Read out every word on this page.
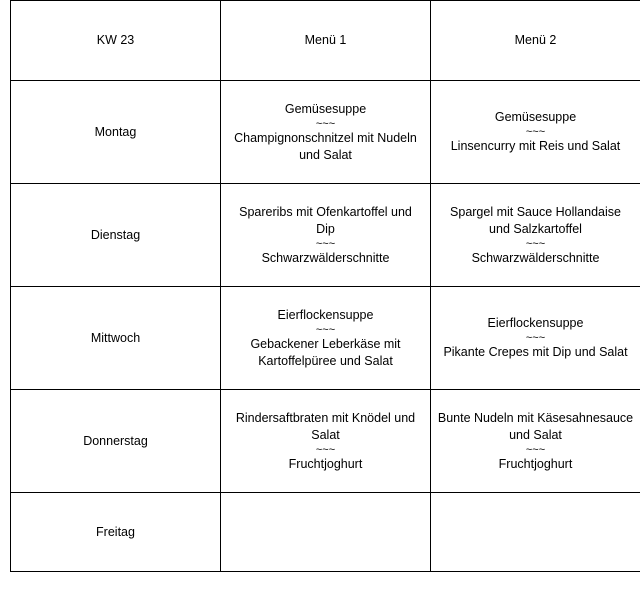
KW 23	Menü 1	Menü 2
Montag	Gemüsesuppe
~~~
Champignonschnitzel mit Nudeln
und Salat	Gemüsesuppe
~~~
Linsencurry mit Reis und Salat

Dienstag	Spareribs mit Ofenkartoffel und
Dip
~~~
Schwarzwälderschnitte	Spargel mit Sauce Hollandaise
und Salzkartoffel
~~~
Schwarzwälderschnitte

Mittwoch	Eierflockensuppe
~~~
Gebackener Leberkäse mit
Kartoffelpüree und Salat	Eierflockensuppe
~~~
Pikante Crepes mit Dip und Salat

Donnerstag	Rindersaftbraten mit Knödel und
Salat
~~~
Fruchtjoghurt	Bunte Nudeln mit Käsesahnesauce
und Salat
~~~
Fruchtjoghurt

Freitag		
